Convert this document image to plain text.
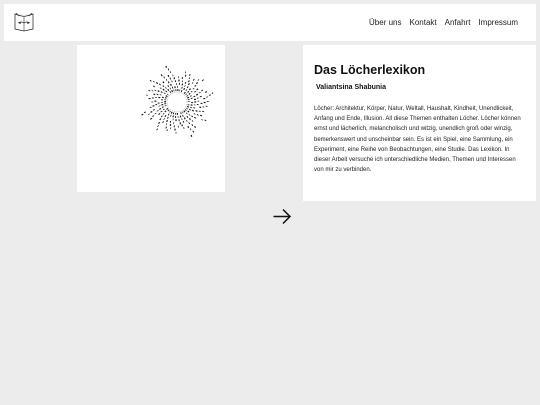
Über uns Kontakt Anfahrt Impressum
Das Löcherlexikon
Valiantsina Shabunia

Löcher: Architektur, Körper, Natur, Weltall, Haushalt, Kindheit, Unendlickeit, Anfang und Ende, Illusion. All diese Themen enthalten Löcher. Löcher können ernst und lächerlich, melancholisch und witzig, unendlich groß oder winzig, bemerkenswert und unscheinbar sein. Es ist ein Spiel, eine Sammlung, ein Experiment, eine Reihe von Beobachtungen, eine Studie. Das Lexikon. In dieser Arbeit versuche ich unterschiedliche Medien, Themen und Interessen von mir zu verbinden.
